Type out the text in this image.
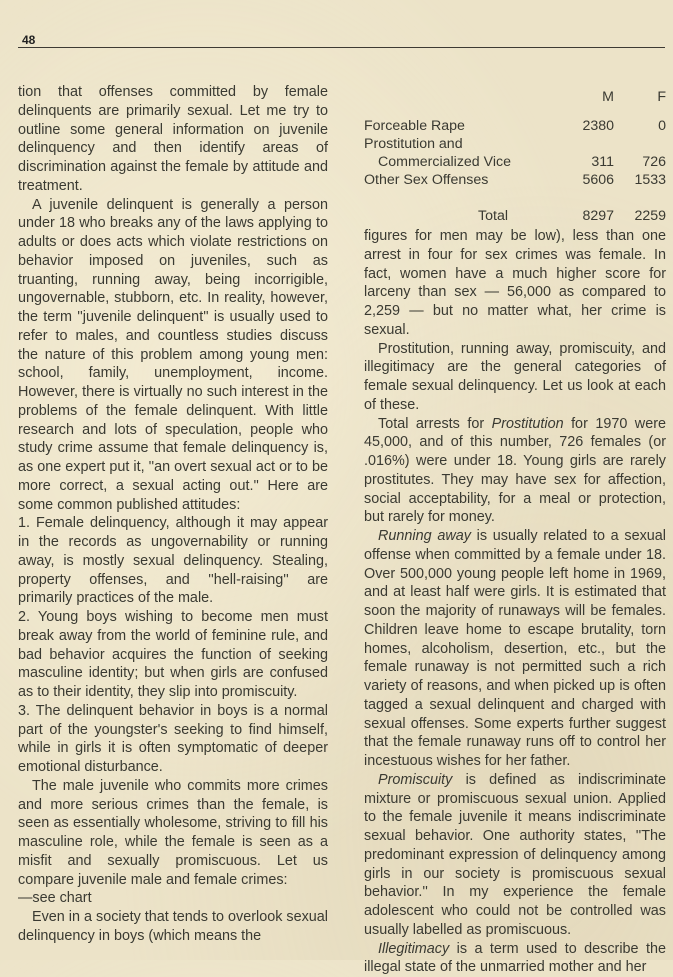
48

tion that offenses committed by female delinquents are primarily sexual. Let me try to outline some general information on juvenile delinquency and then identify areas of discrimination against the female by attitude and treatment.

A juvenile delinquent is generally a person under 18 who breaks any of the laws applying to adults or does acts which violate restrictions on behavior imposed on juveniles, such as truanting, running away, being incorrigible, ungovernable, stubborn, etc. In reality, however, the term ''juvenile delinquent'' is usually used to refer to males, and countless studies discuss the nature of this problem among young men: school, family, unemployment, income. However, there is virtually no such interest in the problems of the female delinquent. With little research and lots of speculation, people who study crime assume that female delinquency is, as one expert put it, ''an overt sexual act or to be more correct, a sexual acting out.'' Here are some common published attitudes:

1. Female delinquency, although it may appear in the records as ungovernability or running away, is mostly sexual delinquency. Stealing, property offenses, and ''hell-raising'' are primarily practices of the male.

2. Young boys wishing to become men must break away from the world of feminine rule, and bad behavior acquires the function of seeking masculine identity; but when girls are confused as to their identity, they slip into promiscuity.

3. The delinquent behavior in boys is a normal part of the youngster's seeking to find himself, while in girls it is often symptomatic of deeper emotional disturbance.

The male juvenile who commits more crimes and more serious crimes than the female, is seen as essentially wholesome, striving to fill his masculine role, while the female is seen as a misfit and sexually promiscuous. Let us compare juvenile male and female crimes:

—see chart

Even in a society that tends to overlook sexual delinquency in boys (which means the

	M	F
Forceable Rape	2380	0
Prostitution and		
Commercialized Vice	311	726
Other Sex Offenses	5606	1533
Total	8297	2259

figures for men may be low), less than one arrest in four for sex crimes was female. In fact, women have a much higher score for larceny than sex — 56,000 as compared to 2,259 — but no matter what, her crime is sexual.

Prostitution, running away, promiscuity, and illegitimacy are the general categories of female sexual delinquency. Let us look at each of these.

Total arrests for Prostitution for 1970 were 45,000, and of this number, 726 females (or .016%) were under 18. Young girls are rarely prostitutes. They may have sex for affection, social acceptability, for a meal or protection, but rarely for money.

Running away is usually related to a sexual offense when committed by a female under 18. Over 500,000 young people left home in 1969, and at least half were girls. It is estimated that soon the majority of runaways will be females. Children leave home to escape brutality, torn homes, alcoholism, desertion, etc., but the female runaway is not permitted such a rich variety of reasons, and when picked up is often tagged a sexual delinquent and charged with sexual offenses. Some experts further suggest that the female runaway runs off to control her incestuous wishes for her father.

Promiscuity is defined as indiscriminate mixture or promiscuous sexual union. Applied to the female juvenile it means indiscriminate sexual behavior. One authority states, ''The predominant expression of delinquency among girls in our society is promiscuous sexual behavior.'' In my experience the female adolescent who could not be controlled was usually labelled as promiscuous.

Illegitimacy is a term used to describe the illegal state of the unmarried mother and her
